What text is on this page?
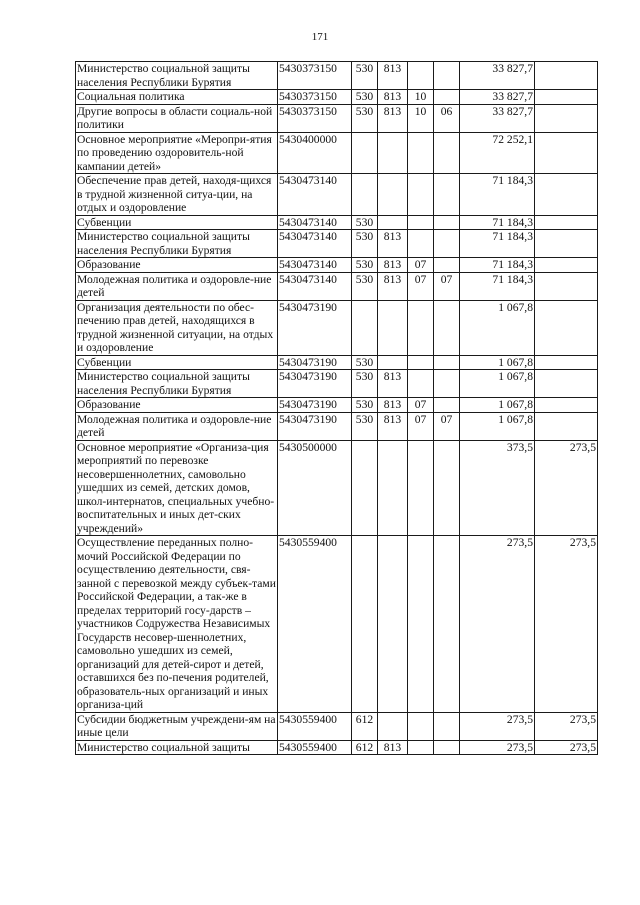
171
Министерство социальной защиты населения Республики Бурятия	5430373150	530	813			33 827,7	
Социальная политика	5430373150	530	813	10		33 827,7	
Другие вопросы в области социаль-ной политики	5430373150	530	813	10	06	33 827,7	
Основное мероприятие «Меропри-ятия по проведению оздоровитель-ной кампании детей»	5430400000					72 252,1	
Обеспечение прав детей, находя-щихся в трудной жизненной ситуа-ции, на отдых и оздоровление	5430473140					71 184,3	
Субвенции	5430473140	530				71 184,3	
Министерство социальной защиты населения Республики Бурятия	5430473140	530	813			71 184,3	
Образование	5430473140	530	813	07		71 184,3	
Молодежная политика и оздоровле-ние детей	5430473140	530	813	07	07	71 184,3	
Организация деятельности по обес-печению прав детей, находящихся в трудной жизненной ситуации, на отдых и оздоровление	5430473190					1 067,8	
Субвенции	5430473190	530				1 067,8	
Министерство социальной защиты населения Республики Бурятия	5430473190	530	813			1 067,8	
Образование	5430473190	530	813	07		1 067,8	
Молодежная политика и оздоровле-ние детей	5430473190	530	813	07	07	1 067,8	
Основное мероприятие «Организа-ция мероприятий по перевозке несовершеннолетних, самовольно ушедших из семей, детских домов, школ-интернатов, специальных учебно-воспитательных и иных дет-ских учреждений»	5430500000					373,5	273,5
Осуществление переданных полно-мочий Российской Федерации по осуществлению деятельности, свя-занной с перевозкой между субъек-тами Российской Федерации, а так-же в пределах территорий госу-дарств – участников Содружества Независимых Государств несовер-шеннолетних, самовольно ушедших из семей, организаций для детей-сирот и детей, оставшихся без по-печения родителей, образователь-ных организаций и иных организа-ций	5430559400					273,5	273,5
Субсидии бюджетным учреждени-ям на иные цели	5430559400	612				273,5	273,5
Министерство социальной защиты	5430559400	612	813			273,5	273,5
